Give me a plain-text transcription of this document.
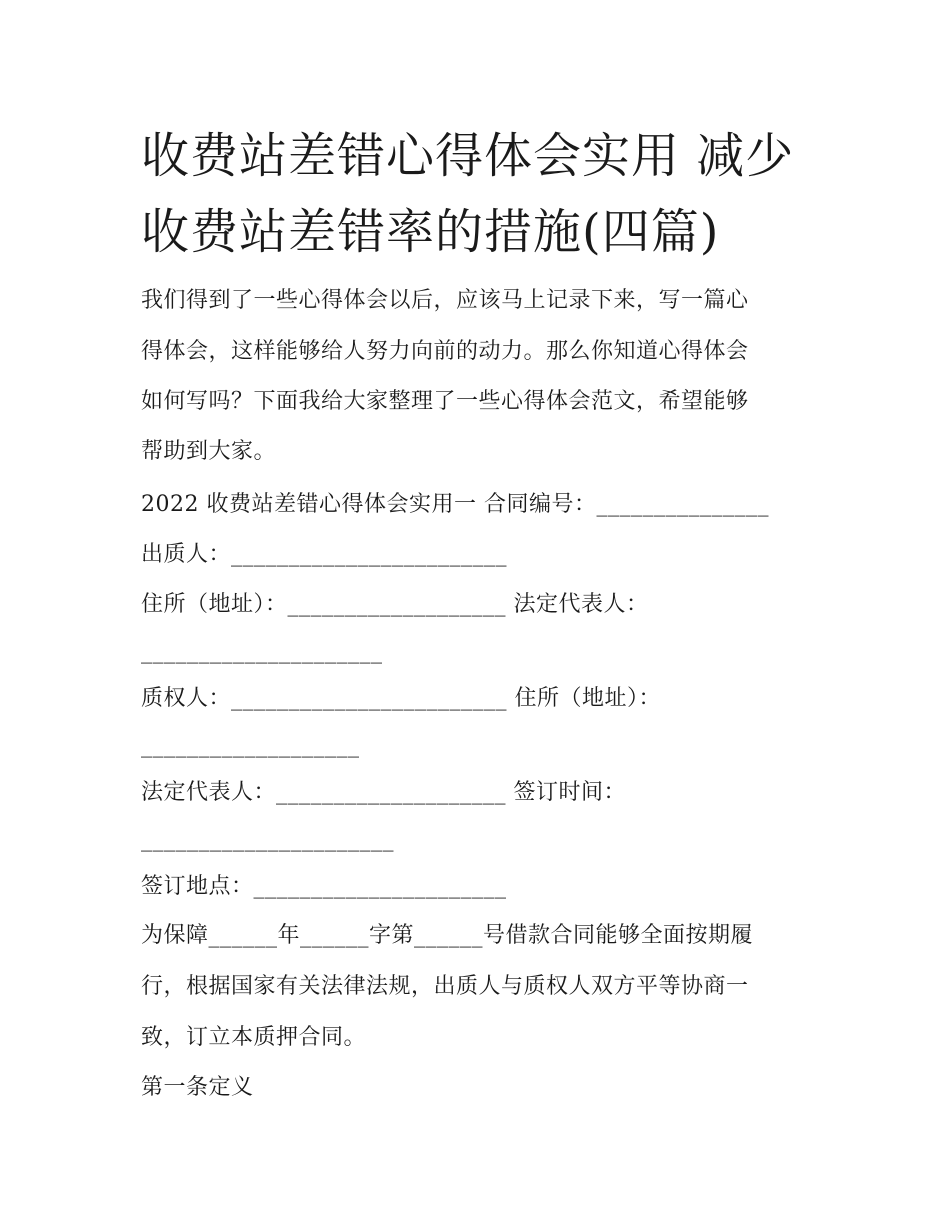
收费站差错心得体会实用 减少
收费站差错率的措施(四篇)
我们得到了一些心得体会以后，应该马上记录下来，写一篇心
得体会，这样能够给人努力向前的动力。那么你知道心得体会
如何写吗？下面我给大家整理了一些心得体会范文，希望能够
帮助到大家。
2022 收费站差错心得体会实用一 合同编号：_______________
出质人：________________________
住所（地址）：___________________ 法定代表人：
_____________________
质权人：________________________ 住所（地址）：
___________________
法定代表人：____________________ 签订时间：
______________________
签订地点：______________________
为保障______年______字第______号借款合同能够全面按期履
行，根据国家有关法律法规，出质人与质权人双方平等协商一
致，订立本质押合同。
第一条定义
